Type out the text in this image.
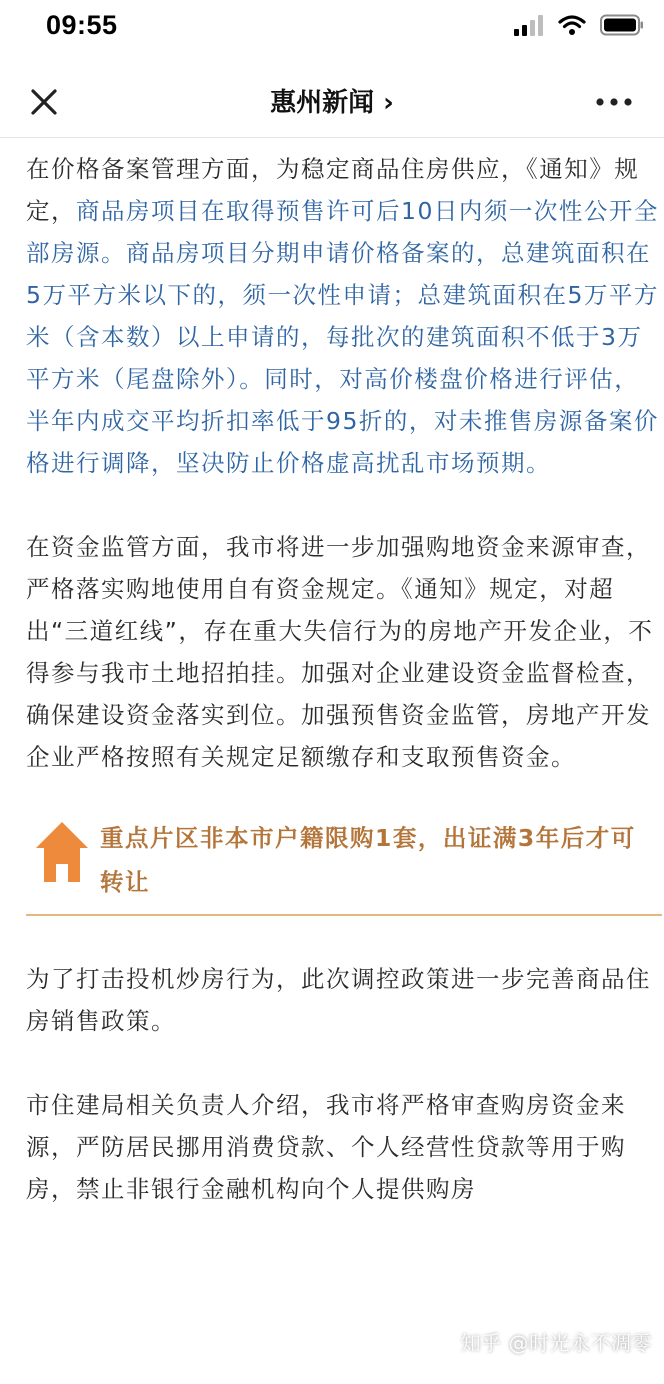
09:55
惠州新闻 ›

在价格备案管理方面，为稳定商品住房供应，《通知》规定，商品房项目在取得预售许可后10日内须一次性公开全部房源。商品房项目分期申请价格备案的，总建筑面积在5万平方米以下的，须一次性申请；总建筑面积在5万平方米（含本数）以上申请的，每批次的建筑面积不低于3万平方米（尾盘除外）。同时，对高价楼盘价格进行评估，半年内成交平均折扣率低于95折的，对未推售房源备案价格进行调降，坚决防止价格虚高扰乱市场预期。

在资金监管方面，我市将进一步加强购地资金来源审查，严格落实购地使用自有资金规定。《通知》规定，对超出“三道红线”，存在重大失信行为的房地产开发企业，不得参与我市土地招拍挂。加强对企业建设资金监督检查，确保建设资金落实到位。加强预售资金监管，房地产开发企业严格按照有关规定足额缴存和支取预售资金。

重点片区非本市户籍限购1套，出证满3年后才可转让

为了打击投机炒房行为，此次调控政策进一步完善商品住房销售政策。

市住建局相关负责人介绍，我市将严格审查购房资金来源，严防居民挪用消费贷款、个人经营性贷款等用于购房，禁止非银行金融机构向个人提供购房

知乎 @时光永不凋零
